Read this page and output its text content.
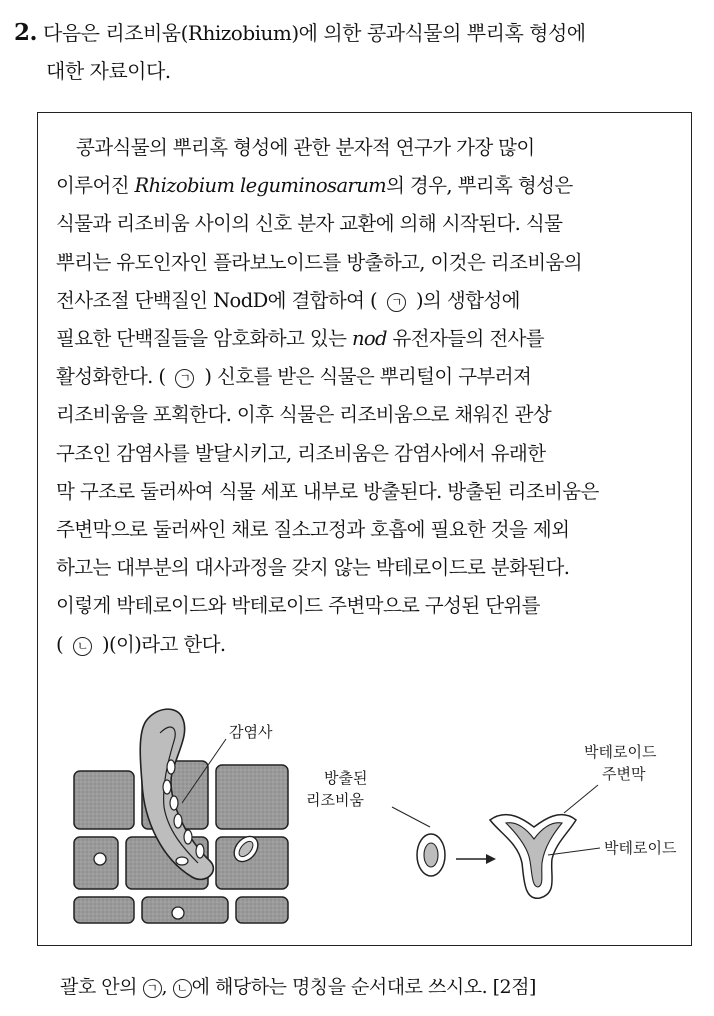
2. 다음은 리조비움(Rhizobium)에 의한 콩과식물의 뿌리혹 형성에
대한 자료이다.
콩과식물의 뿌리혹 형성에 관한 분자적 연구가 가장 많이
이루어진 Rhizobium leguminosarum의 경우, 뿌리혹 형성은
식물과 리조비움 사이의 신호 분자 교환에 의해 시작된다. 식물
뿌리는 유도인자인 플라보노이드를 방출하고, 이것은 리조비움의
전사조절 단백질인 NodD에 결합하여 ( ㄱ )의 생합성에
필요한 단백질들을 암호화하고 있는 nod 유전자들의 전사를
활성화한다. ( ㄱ ) 신호를 받은 식물은 뿌리털이 구부러져
리조비움을 포획한다. 이후 식물은 리조비움으로 채워진 관상
구조인 감염사를 발달시키고, 리조비움은 감염사에서 유래한
막 구조로 둘러싸여 식물 세포 내부로 방출된다. 방출된 리조비움은
주변막으로 둘러싸인 채로 질소고정과 호흡에 필요한 것을 제외
하고는 대부분의 대사과정을 갖지 않는 박테로이드로 분화된다.
이렇게 박테로이드와 박테로이드 주변막으로 구성된 단위를
( ㄴ )(이)라고 한다.
감염사
방출된
리조비움
박테로이드
주변막
박테로이드
괄호 안의 ㄱ , ㄴ 에 해당하는 명칭을 순서대로 쓰시오. [2점]
